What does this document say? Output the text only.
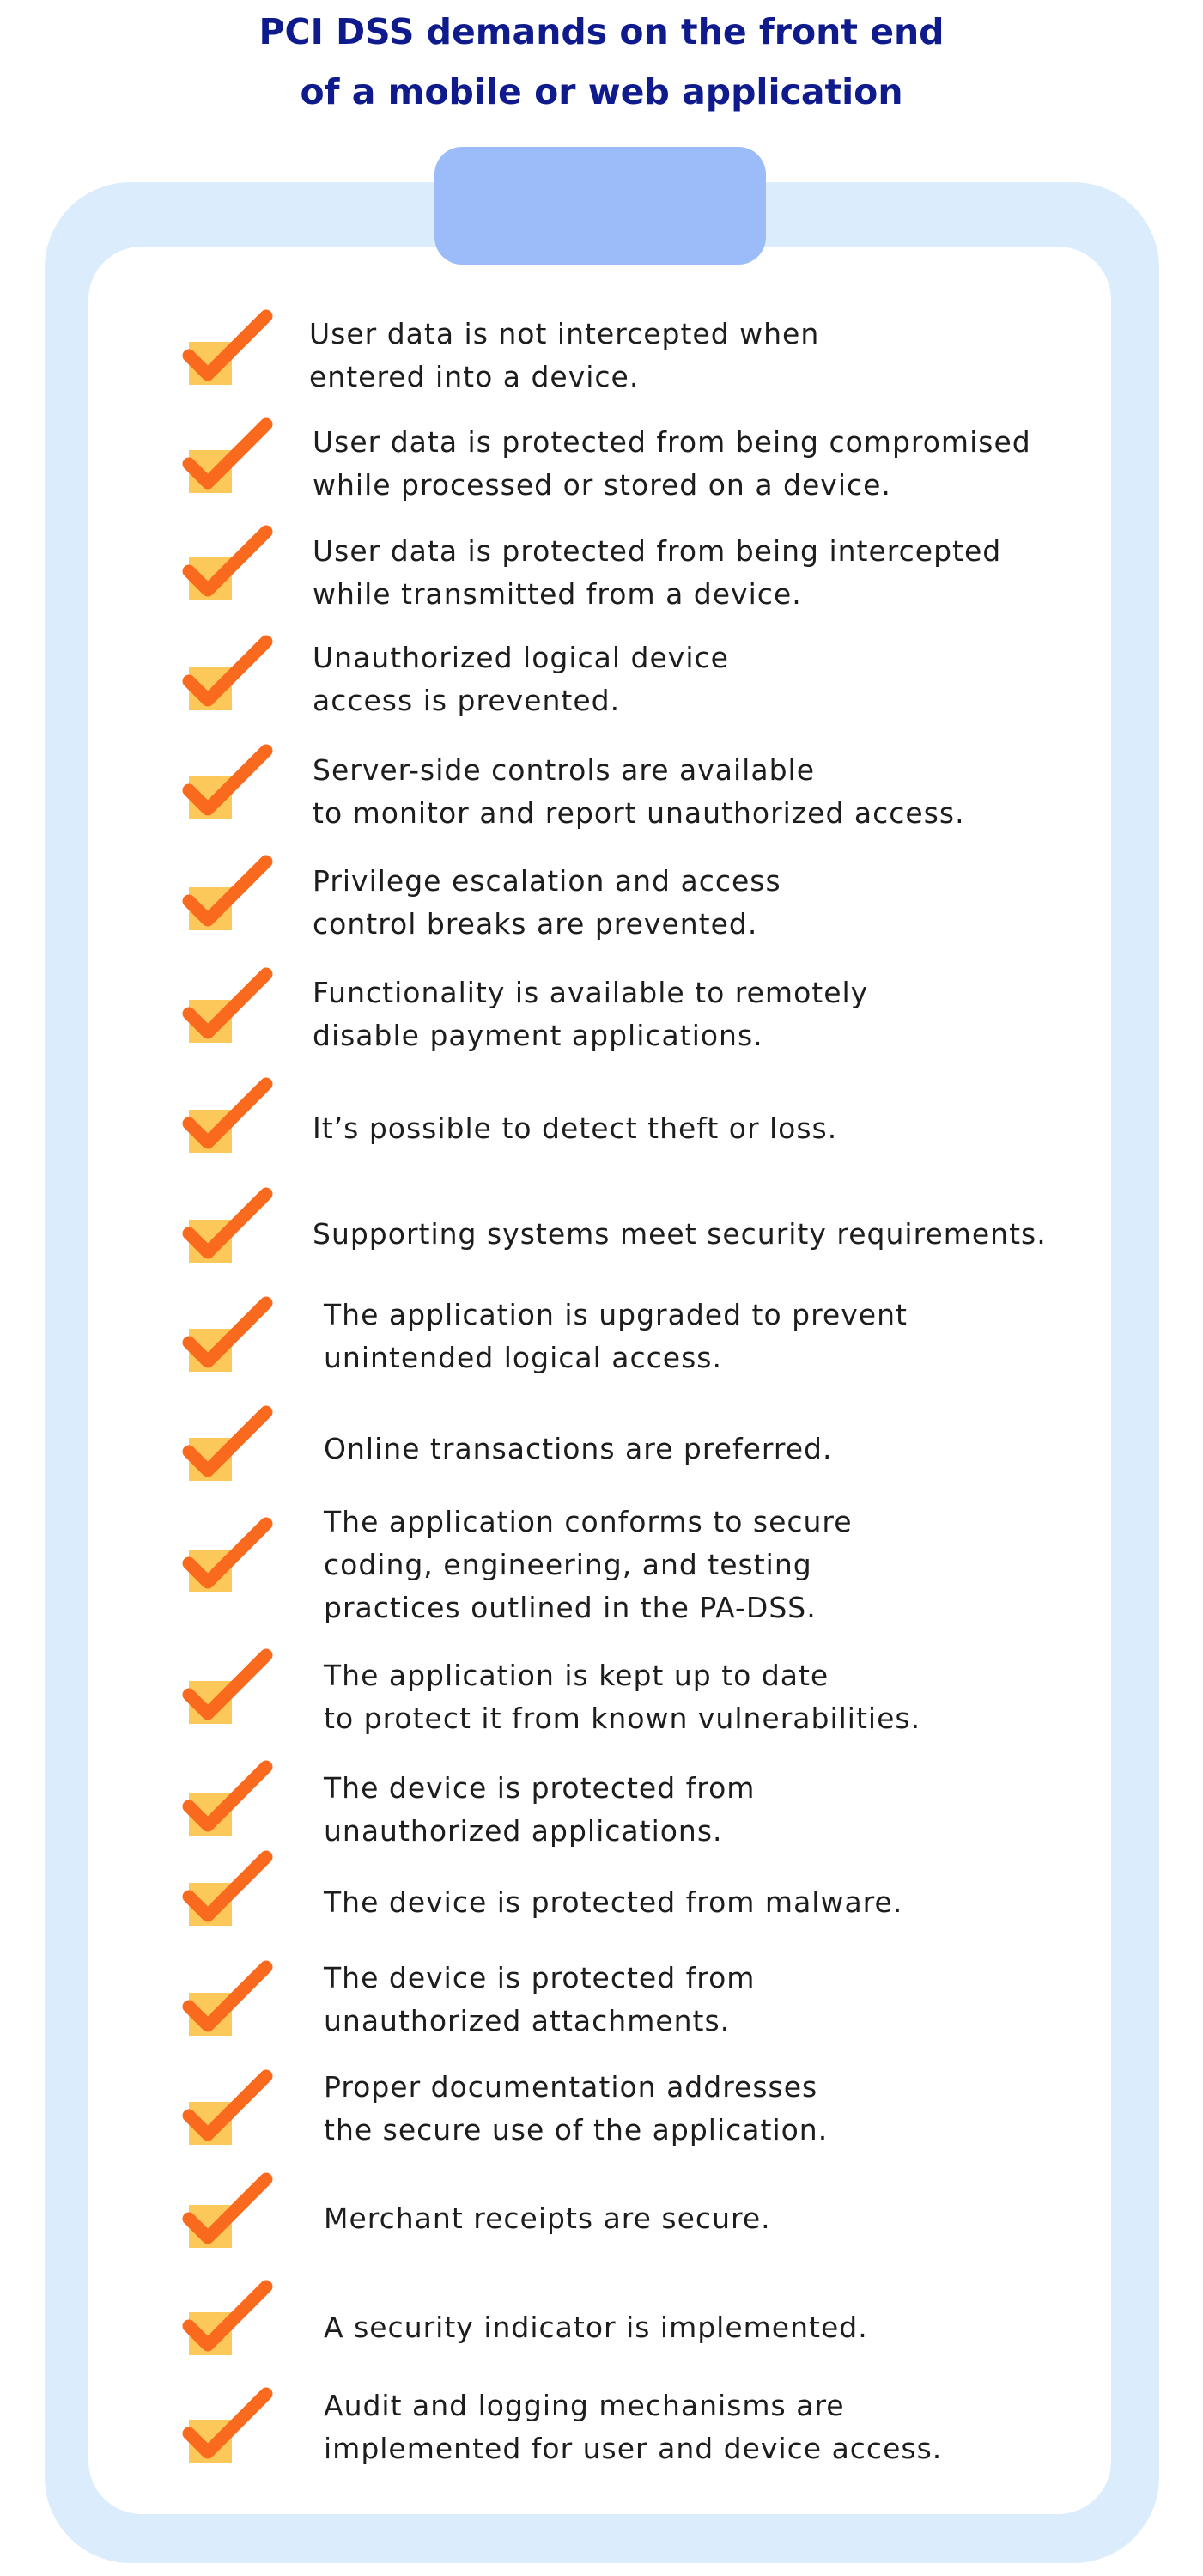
PCI DSS demands on the front end
of a mobile or web application
User data is not intercepted when
entered into a device.
User data is protected from being compromised
while processed or stored on a device.
User data is protected from being intercepted
while transmitted from a device.
Unauthorized logical device
access is prevented.
Server-side controls are available
to monitor and report unauthorized access.
Privilege escalation and access
control breaks are prevented.
Functionality is available to remotely
disable payment applications.
It’s possible to detect theft or loss.
Supporting systems meet security requirements.
The application is upgraded to prevent
unintended logical access.
Online transactions are preferred.
The application conforms to secure
coding, engineering, and testing
practices outlined in the PA-DSS.
The application is kept up to date
to protect it from known vulnerabilities.
The device is protected from
unauthorized applications.
The device is protected from malware.
The device is protected from
unauthorized attachments.
Proper documentation addresses
the secure use of the application.
Merchant receipts are secure.
A security indicator is implemented.
Audit and logging mechanisms are
implemented for user and device access.
